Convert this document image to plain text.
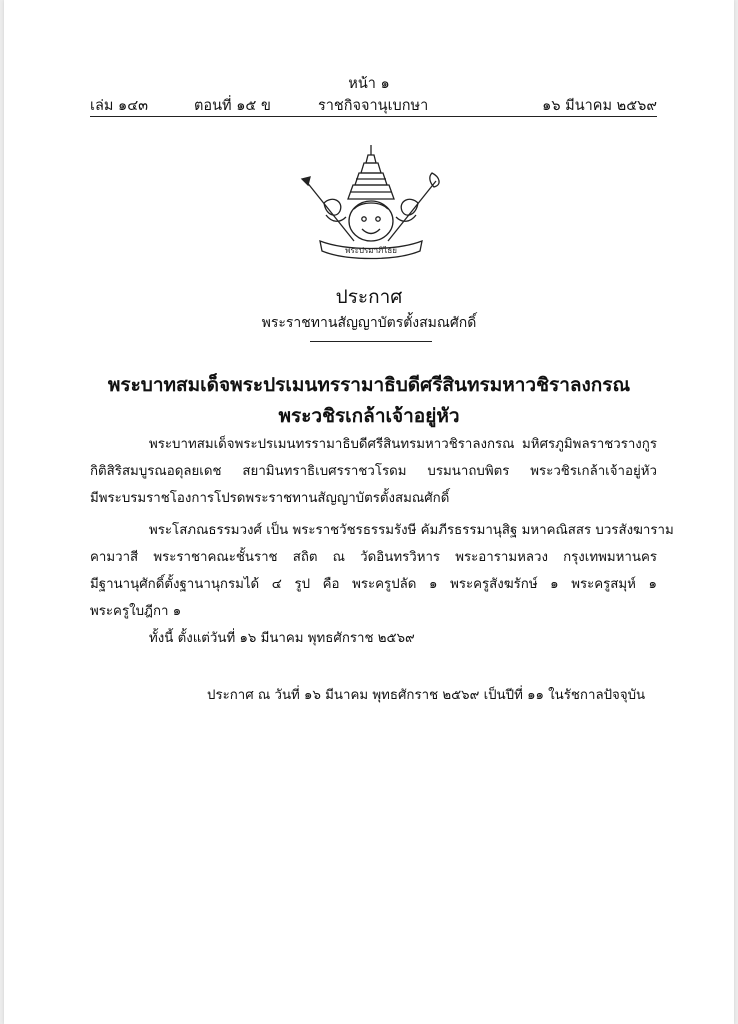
หน้า ๑
เล่ม ๑๔๓	ตอนที่ ๑๕ ข	ราชกิจจานุเบกษา	๑๖ มีนาคม ๒๕๖๙
พระปรมาภิไธย
ประกาศ
พระราชทานสัญญาบัตรตั้งสมณศักดิ์
พระบาทสมเด็จพระปรเมนทรรามาธิบดีศรีสินทรมหาวชิราลงกรณ
พระวชิรเกล้าเจ้าอยู่หัว
พระบาทสมเด็จพระปรเมนทรรามาธิบดีศรีสินทรมหาวชิราลงกรณ มหิศรภูมิพลราชวรางกูร
กิติสิริสมบูรณอดุลยเดช สยามินทราธิเบศรราชวโรดม บรมนาถบพิตร พระวชิรเกล้าเจ้าอยู่หัว
มีพระบรมราชโองการโปรดพระราชทานสัญญาบัตรตั้งสมณศักดิ์
พระโสภณธรรมวงศ์ เป็น พระราชวัชรธรรมรังษี คัมภีรธรรมานุสิฐ มหาคณิสสร บวรสังฆาราม
คามวาสี พระราชาคณะชั้นราช สถิต ณ วัดอินทรวิหาร พระอารามหลวง กรุงเทพมหานคร
มีฐานานุศักดิ์ตั้งฐานานุกรมได้ ๔ รูป คือ พระครูปลัด ๑ พระครูสังฆรักษ์ ๑ พระครูสมุห์ ๑
พระครูใบฎีกา ๑
ทั้งนี้ ตั้งแต่วันที่ ๑๖ มีนาคม พุทธศักราช ๒๕๖๙
ประกาศ ณ วันที่ ๑๖ มีนาคม พุทธศักราช ๒๕๖๙ เป็นปีที่ ๑๑ ในรัชกาลปัจจุบัน
